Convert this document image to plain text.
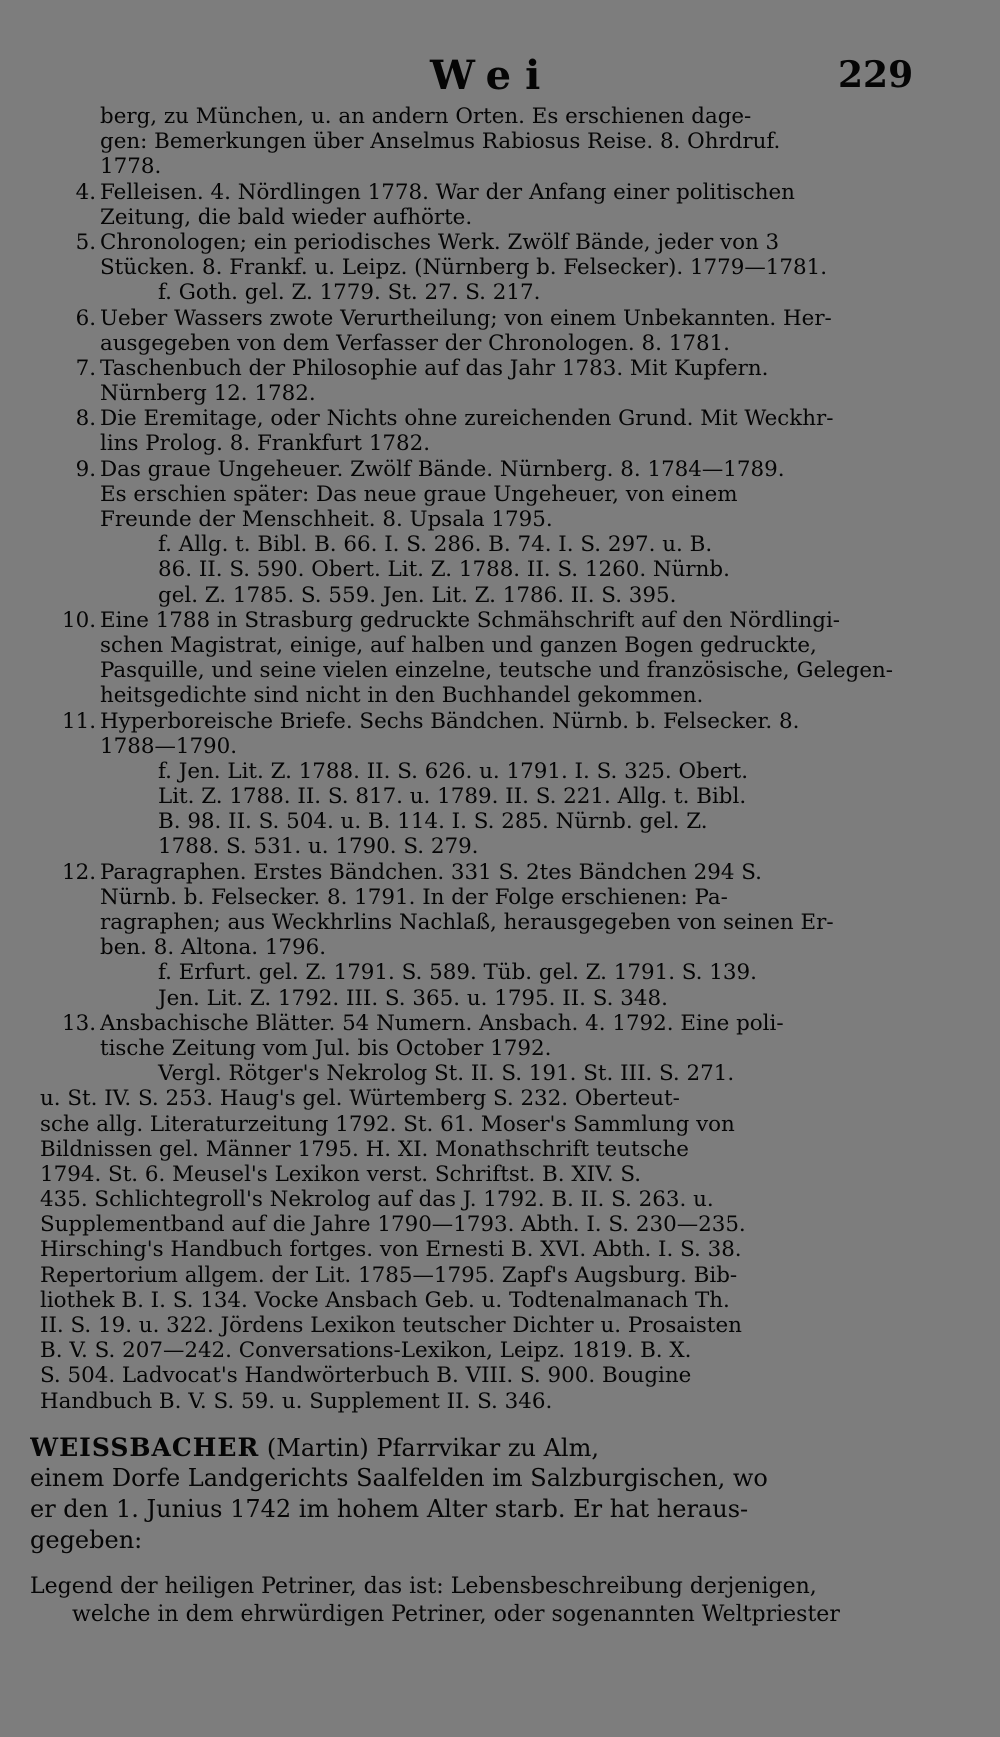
Wei	229
berg, zu München, u. an andern Orten. Es erschienen dage-
gen: Bemerkungen über Anselmus Rabiosus Reise. 8. Ohrdruf.
1778.
4. Felleisen. 4. Nördlingen 1778. War der Anfang einer politischen
Zeitung, die bald wieder aufhörte.
5. Chronologen; ein periodisches Werk. Zwölf Bände, jeder von 3
Stücken. 8. Frankf. u. Leipz. (Nürnberg b. Felsecker). 1779—1781.
f. Goth. gel. Z. 1779. St. 27. S. 217.
6. Ueber Wassers zwote Verurtheilung; von einem Unbekannten. Her-
ausgegeben von dem Verfasser der Chronologen. 8. 1781.
7. Taschenbuch der Philosophie auf das Jahr 1783. Mit Kupfern.
Nürnberg 12. 1782.
8. Die Eremitage, oder Nichts ohne zureichenden Grund. Mit Weckhr-
lins Prolog. 8. Frankfurt 1782.
9. Das graue Ungeheuer. Zwölf Bände. Nürnberg. 8. 1784—1789.
Es erschien später: Das neue graue Ungeheuer, von einem
Freunde der Menschheit. 8. Upsala 1795.
f. Allg. t. Bibl. B. 66. I. S. 286. B. 74. I. S. 297. u. B.
86. II. S. 590. Obert. Lit. Z. 1788. II. S. 1260. Nürnb.
gel. Z. 1785. S. 559. Jen. Lit. Z. 1786. II. S. 395.
10. Eine 1788 in Strasburg gedruckte Schmähschrift auf den Nördlingi-
schen Magistrat, einige, auf halben und ganzen Bogen gedruckte,
Pasquille, und seine vielen einzelne, teutsche und französische, Gelegen-
heitsgedichte sind nicht in den Buchhandel gekommen.
11. Hyperboreische Briefe. Sechs Bändchen. Nürnb. b. Felsecker. 8.
1788—1790.
f. Jen. Lit. Z. 1788. II. S. 626. u. 1791. I. S. 325. Obert.
Lit. Z. 1788. II. S. 817. u. 1789. II. S. 221. Allg. t. Bibl.
B. 98. II. S. 504. u. B. 114. I. S. 285. Nürnb. gel. Z.
1788. S. 531. u. 1790. S. 279.
12. Paragraphen. Erstes Bändchen. 331 S. 2tes Bändchen 294 S.
Nürnb. b. Felsecker. 8. 1791. In der Folge erschienen: Pa-
ragraphen; aus Weckhrlins Nachlaß, herausgegeben von seinen Er-
ben. 8. Altona. 1796.
f. Erfurt. gel. Z. 1791. S. 589. Tüb. gel. Z. 1791. S. 139.
Jen. Lit. Z. 1792. III. S. 365. u. 1795. II. S. 348.
13. Ansbachische Blätter. 54 Numern. Ansbach. 4. 1792. Eine poli-
tische Zeitung vom Jul. bis October 1792.
Vergl. Rötger's Nekrolog St. II. S. 191. St. III. S. 271.
u. St. IV. S. 253. Haug's gel. Würtemberg S. 232. Oberteut-
sche allg. Literaturzeitung 1792. St. 61. Moser's Sammlung von
Bildnissen gel. Männer 1795. H. XI. Monathschrift teutsche
1794. St. 6. Meusel's Lexikon verst. Schriftst. B. XIV. S.
435. Schlichtegroll's Nekrolog auf das J. 1792. B. II. S. 263. u.
Supplementband auf die Jahre 1790—1793. Abth. I. S. 230—235.
Hirsching's Handbuch fortges. von Ernesti B. XVI. Abth. I. S. 38.
Repertorium allgem. der Lit. 1785—1795. Zapf's Augsburg. Bib-
liothek B. I. S. 134. Vocke Ansbach Geb. u. Todtenalmanach Th.
II. S. 19. u. 322. Jördens Lexikon teutscher Dichter u. Prosaisten
B. V. S. 207—242. Conversations-Lexikon, Leipz. 1819. B. X.
S. 504. Ladvocat's Handwörterbuch B. VIII. S. 900. Bougine
Handbuch B. V. S. 59. u. Supplement II. S. 346.
WEISSBACHER (Martin) Pfarrvikar zu Alm,
einem Dorfe Landgerichts Saalfelden im Salzburgischen, wo
er den 1. Junius 1742 im hohem Alter starb. Er hat heraus-
gegeben:
Legend der heiligen Petriner, das ist: Lebensbeschreibung derjenigen,
welche in dem ehrwürdigen Petriner, oder sogenannten Weltpriester
